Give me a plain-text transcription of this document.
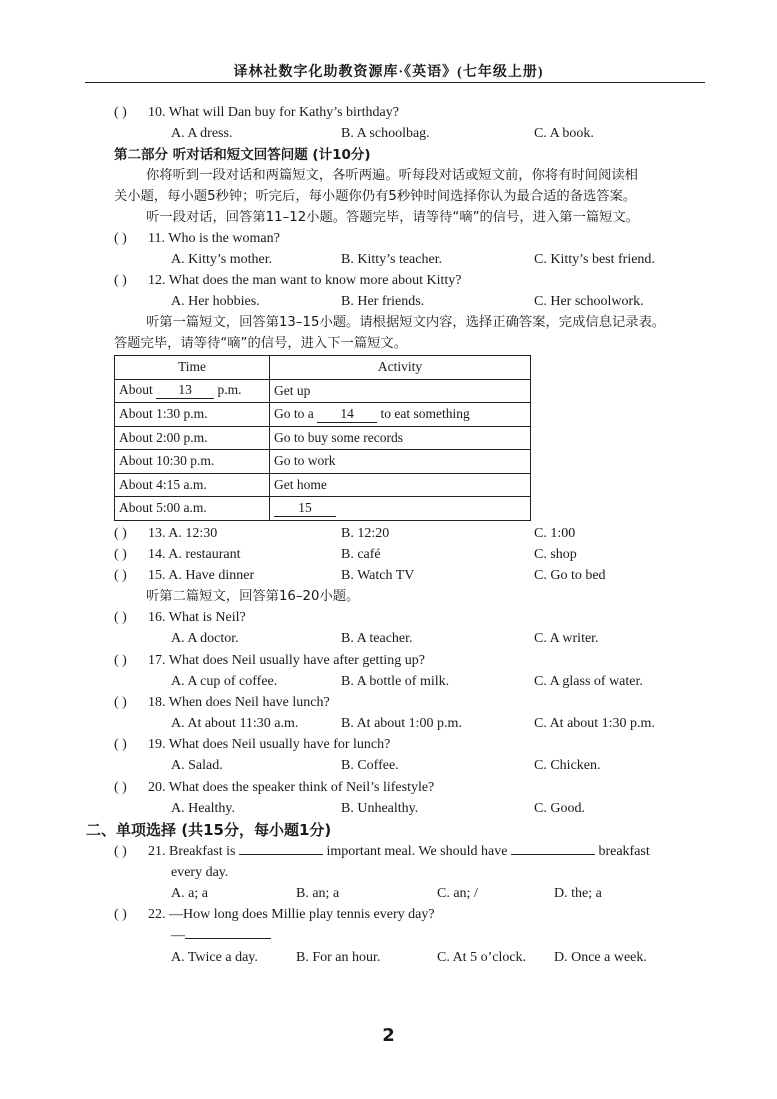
译林社数字化助教资源库·《英语》(七年级上册)
( ) 10. What will Dan buy for Kathy’s birthday?
A. A dress.	B. A schoolbag.	C. A book.
第二部分 听对话和短文回答问题 (计10分)
你将听到一段对话和两篇短文，各听两遍。听每段对话或短文前，你将有时间阅读相
关小题，每小题5秒钟；听完后，每小题你仍有5秒钟时间选择你认为最合适的备选答案。
听一段对话，回答第11–12小题。答题完毕，请等待“嘀”的信号，进入第一篇短文。
( ) 11. Who is the woman?
A. Kitty’s mother.	B. Kitty’s teacher.	C. Kitty’s best friend.
( ) 12. What does the man want to know more about Kitty?
A. Her hobbies.	B. Her friends.	C. Her schoolwork.
听第一篇短文，回答第13–15小题。请根据短文内容，选择正确答案，完成信息记录表。
答题完毕，请等待“嘀”的信号，进入下一篇短文。
Time	Activity
About 13 p.m.	Get up
About 1:30 p.m.	Go to a 14 to eat something
About 2:00 p.m.	Go to buy some records
About 10:30 p.m.	Go to work
About 4:15 a.m.	Get home
About 5:00 a.m.	15
( ) 13. A. 12:30	B. 12:20	C. 1:00
( ) 14. A. restaurant	B. café	C. shop
( ) 15. A. Have dinner	B. Watch TV	C. Go to bed
听第二篇短文，回答第16–20小题。
( ) 16. What is Neil?
A. A doctor.	B. A teacher.	C. A writer.
( ) 17. What does Neil usually have after getting up?
A. A cup of coffee.	B. A bottle of milk.	C. A glass of water.
( ) 18. When does Neil have lunch?
A. At about 11:30 a.m.	B. At about 1:00 p.m.	C. At about 1:30 p.m.
( ) 19. What does Neil usually have for lunch?
A. Salad.	B. Coffee.	C. Chicken.
( ) 20. What does the speaker think of Neil’s lifestyle?
A. Healthy.	B. Unhealthy.	C. Good.
二、单项选择 (共15分，每小题1分)
( ) 21. Breakfast is	important meal. We should have	breakfast
every day.
A. a; a	B. an; a	C. an; /	D. the; a
( ) 22. —How long does Millie play tennis every day?
—
A. Twice a day.	B. For an hour.	C. At 5 o’clock. D. Once a week.
2
